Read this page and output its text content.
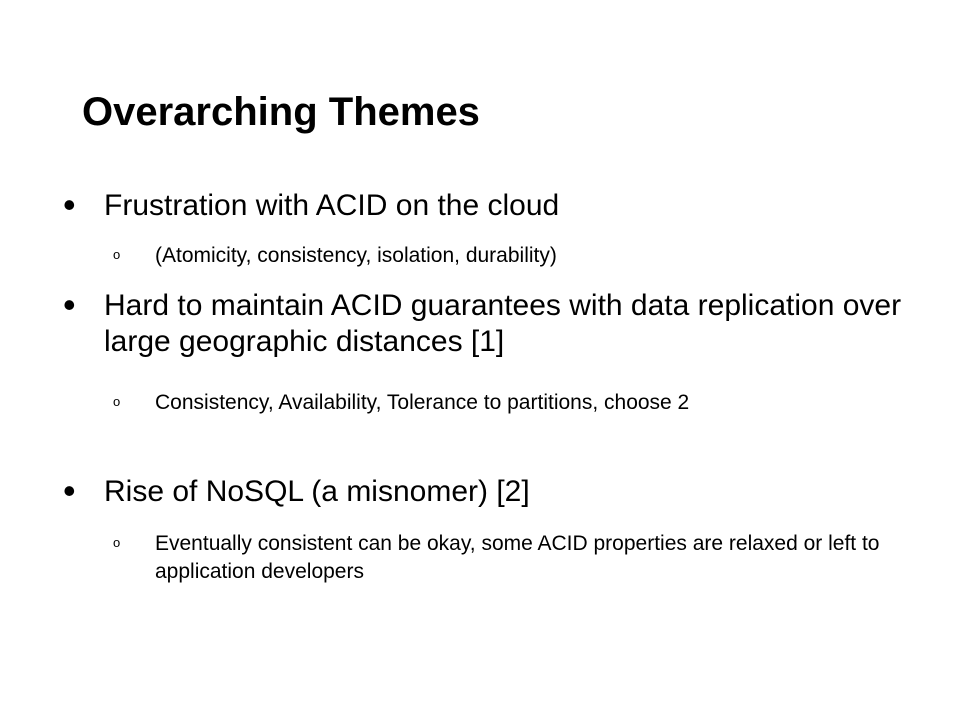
Overarching Themes
• Frustration with ACID on the cloud
o (Atomicity, consistency, isolation, durability)
• Hard to maintain ACID guarantees with data replication over large geographic distances [1]
o Consistency, Availability, Tolerance to partitions, choose 2
• Rise of NoSQL (a misnomer) [2]
o Eventually consistent can be okay, some ACID properties are relaxed or left to application developers
